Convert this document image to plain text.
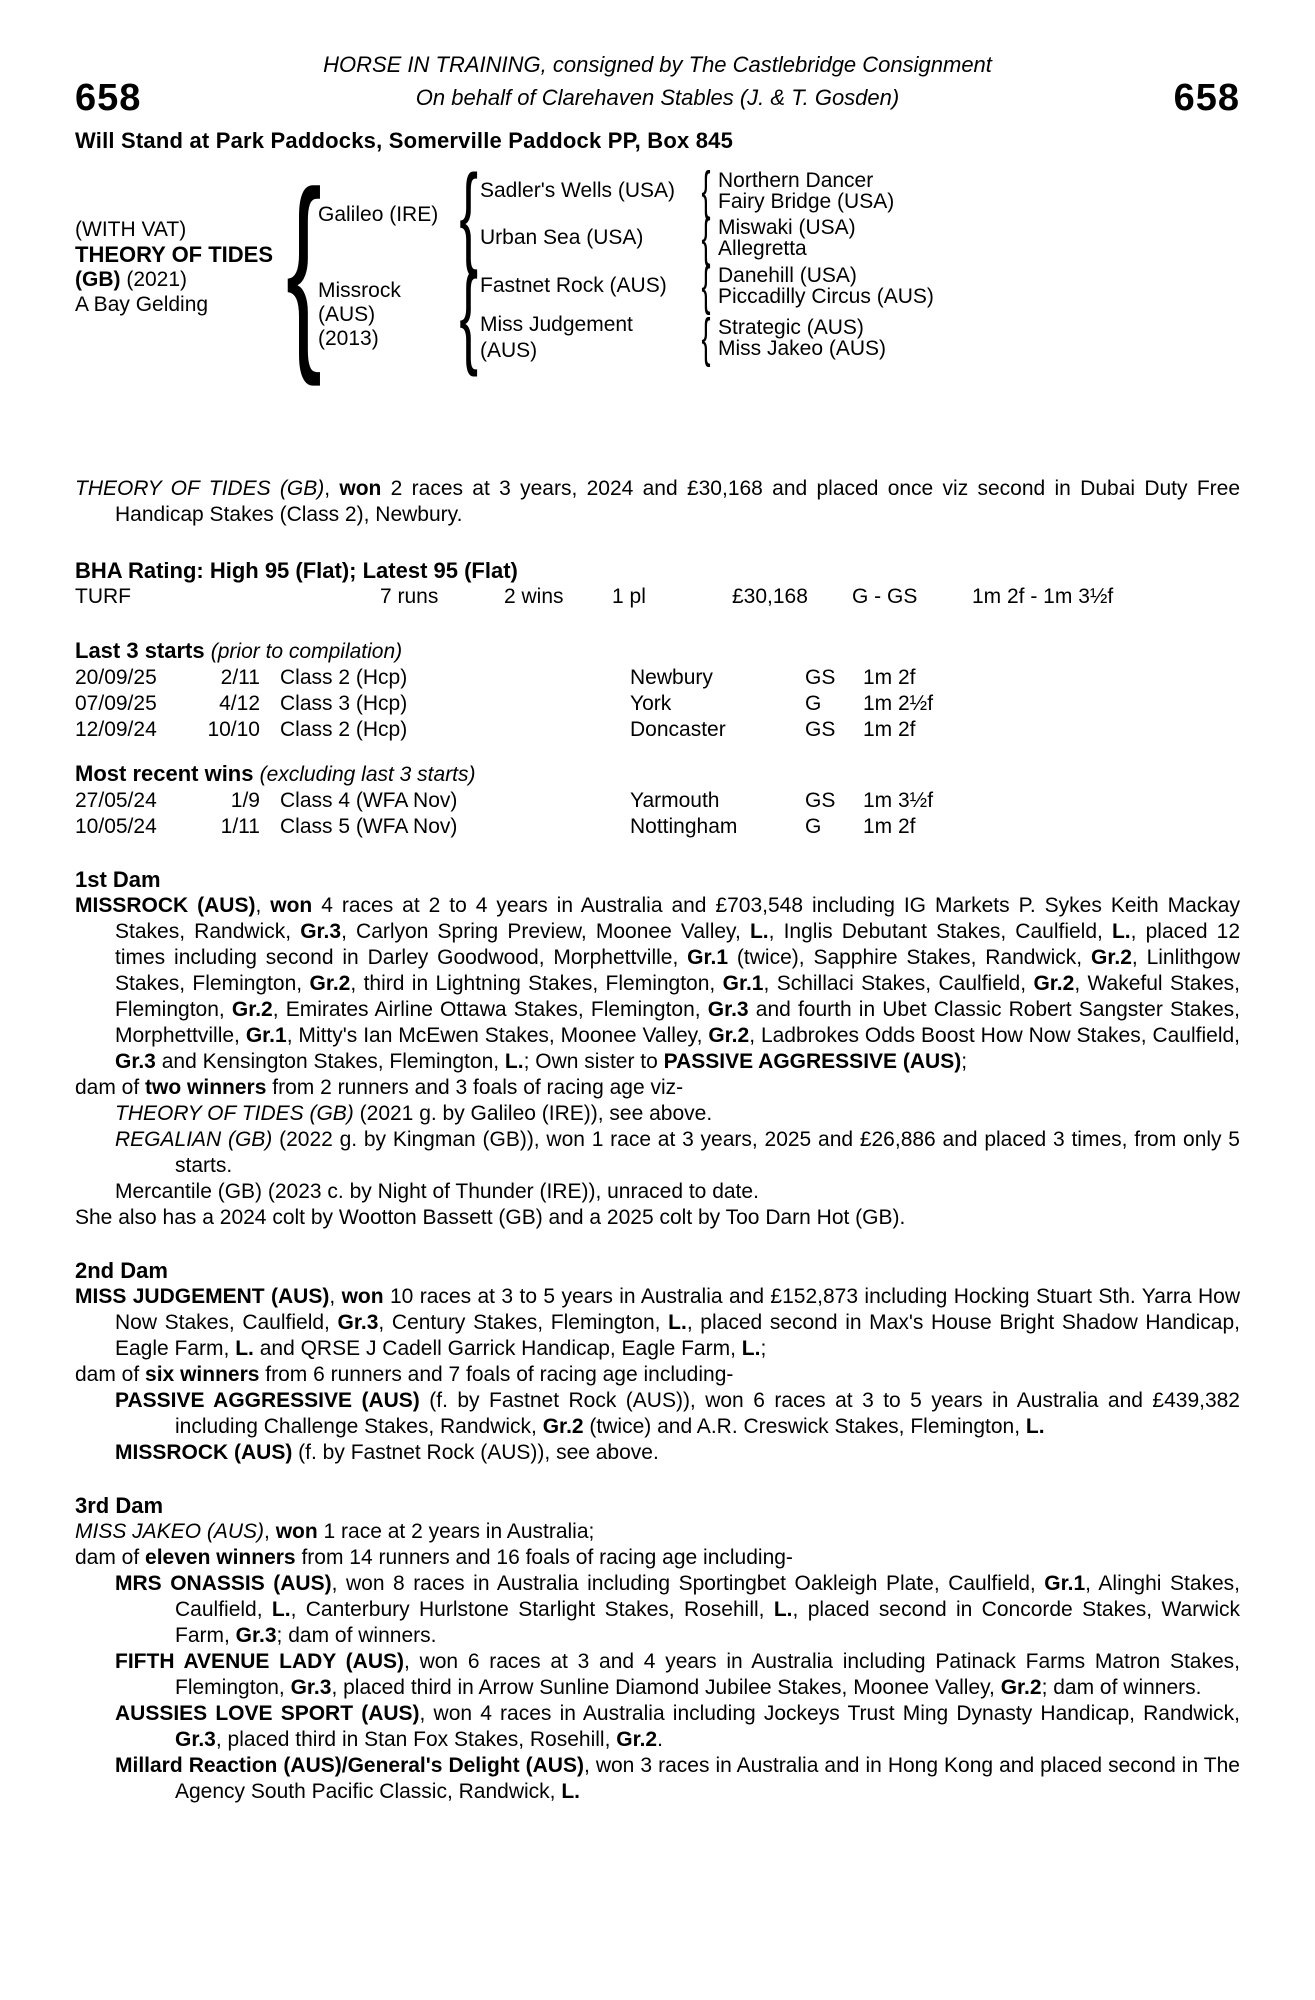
HORSE IN TRAINING, consigned by The Castlebridge Consignment
658	On behalf of Clarehaven Stables (J. & T. Gosden)	658
Will Stand at Park Paddocks, Somerville Paddock PP, Box 845
(WITH VAT)
THEORY OF TIDES
(GB) (2021)
A Bay Gelding {
Galileo (IRE) { Sadler's Wells (USA) { Northern Dancer
Fairy Bridge (USA)
Urban Sea (USA)	{ Miswaki (USA)
Allegretta
Missrock (AUS)
(2013) { Fastnet Rock (AUS) { Danehill (USA)
Piccadilly Circus (AUS)
Miss Judgement (AUS)	{ Strategic (AUS)
Miss Jakeo (AUS)
THEORY OF TIDES (GB), won 2 races at 3 years, 2024 and £30,168 and placed once viz second in Dubai Duty Free Handicap Stakes (Class 2), Newbury.
BHA Rating: High 95 (Flat); Latest 95 (Flat)
TURF	7 runs	2 wins	1 pl	£30,168	G - GS	1m 2f - 1m 3½f
Last 3 starts (prior to compilation)
20/09/25	2/11 Class 2 (Hcp)	Newbury	GS	1m 2f
07/09/25	4/12 Class 3 (Hcp)	York	G	1m 2½f
12/09/24	10/10 Class 2 (Hcp)	Doncaster	GS	1m 2f
Most recent wins (excluding last 3 starts)
27/05/24	1/9 Class 4 (WFA Nov)	Yarmouth	GS	1m 3½f
10/05/24	1/11 Class 5 (WFA Nov)	Nottingham	G	1m 2f
1st Dam
MISSROCK (AUS), won 4 races at 2 to 4 years in Australia and £703,548 including IG Markets P. Sykes Keith Mackay Stakes, Randwick, Gr.3, Carlyon Spring Preview, Moonee Valley, L., Inglis Debutant Stakes, Caulfield, L., placed 12 times including second in Darley Goodwood, Morphettville, Gr.1 (twice), Sapphire Stakes, Randwick, Gr.2, Linlithgow Stakes, Flemington, Gr.2, third in Lightning Stakes, Flemington, Gr.1, Schillaci Stakes, Caulfield, Gr.2, Wakeful Stakes, Flemington, Gr.2, Emirates Airline Ottawa Stakes, Flemington, Gr.3 and fourth in Ubet Classic Robert Sangster Stakes, Morphettville, Gr.1, Mitty's Ian McEwen Stakes, Moonee Valley, Gr.2, Ladbrokes Odds Boost How Now Stakes, Caulfield, Gr.3 and Kensington Stakes, Flemington, L.; Own sister to PASSIVE AGGRESSIVE (AUS);
dam of two winners from 2 runners and 3 foals of racing age viz-
THEORY OF TIDES (GB) (2021 g. by Galileo (IRE)), see above.
REGALIAN (GB) (2022 g. by Kingman (GB)), won 1 race at 3 years, 2025 and £26,886 and placed 3 times, from only 5 starts.
Mercantile (GB) (2023 c. by Night of Thunder (IRE)), unraced to date.
She also has a 2024 colt by Wootton Bassett (GB) and a 2025 colt by Too Darn Hot (GB).
2nd Dam
MISS JUDGEMENT (AUS), won 10 races at 3 to 5 years in Australia and £152,873 including Hocking Stuart Sth. Yarra How Now Stakes, Caulfield, Gr.3, Century Stakes, Flemington, L., placed second in Max's House Bright Shadow Handicap, Eagle Farm, L. and QRSE J Cadell Garrick Handicap, Eagle Farm, L.;
dam of six winners from 6 runners and 7 foals of racing age including-
PASSIVE AGGRESSIVE (AUS) (f. by Fastnet Rock (AUS)), won 6 races at 3 to 5 years in Australia and £439,382 including Challenge Stakes, Randwick, Gr.2 (twice) and A.R. Creswick Stakes, Flemington, L.
MISSROCK (AUS) (f. by Fastnet Rock (AUS)), see above.
3rd Dam
MISS JAKEO (AUS), won 1 race at 2 years in Australia;
dam of eleven winners from 14 runners and 16 foals of racing age including-
MRS ONASSIS (AUS), won 8 races in Australia including Sportingbet Oakleigh Plate, Caulfield, Gr.1, Alinghi Stakes, Caulfield, L., Canterbury Hurlstone Starlight Stakes, Rosehill, L., placed second in Concorde Stakes, Warwick Farm, Gr.3; dam of winners.
FIFTH AVENUE LADY (AUS), won 6 races at 3 and 4 years in Australia including Patinack Farms Matron Stakes, Flemington, Gr.3, placed third in Arrow Sunline Diamond Jubilee Stakes, Moonee Valley, Gr.2; dam of winners.
AUSSIES LOVE SPORT (AUS), won 4 races in Australia including Jockeys Trust Ming Dynasty Handicap, Randwick, Gr.3, placed third in Stan Fox Stakes, Rosehill, Gr.2.
Millard Reaction (AUS)/General's Delight (AUS), won 3 races in Australia and in Hong Kong and placed second in The Agency South Pacific Classic, Randwick, L.
